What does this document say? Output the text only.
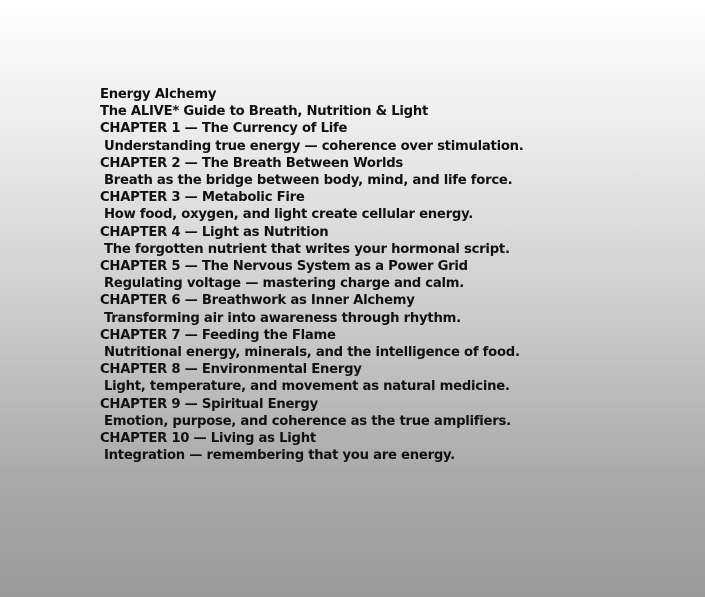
Energy Alchemy
The ALIVE* Guide to Breath, Nutrition & Light
CHAPTER 1 — The Currency of Life
Understanding true energy — coherence over stimulation.
CHAPTER 2 — The Breath Between Worlds
Breath as the bridge between body, mind, and life force.
CHAPTER 3 — Metabolic Fire
How food, oxygen, and light create cellular energy.
CHAPTER 4 — Light as Nutrition
The forgotten nutrient that writes your hormonal script.
CHAPTER 5 — The Nervous System as a Power Grid
Regulating voltage — mastering charge and calm.
CHAPTER 6 — Breathwork as Inner Alchemy
Transforming air into awareness through rhythm.
CHAPTER 7 — Feeding the Flame
Nutritional energy, minerals, and the intelligence of food.
CHAPTER 8 — Environmental Energy
Light, temperature, and movement as natural medicine.
CHAPTER 9 — Spiritual Energy
Emotion, purpose, and coherence as the true amplifiers.
CHAPTER 10 — Living as Light
Integration — remembering that you are energy.
